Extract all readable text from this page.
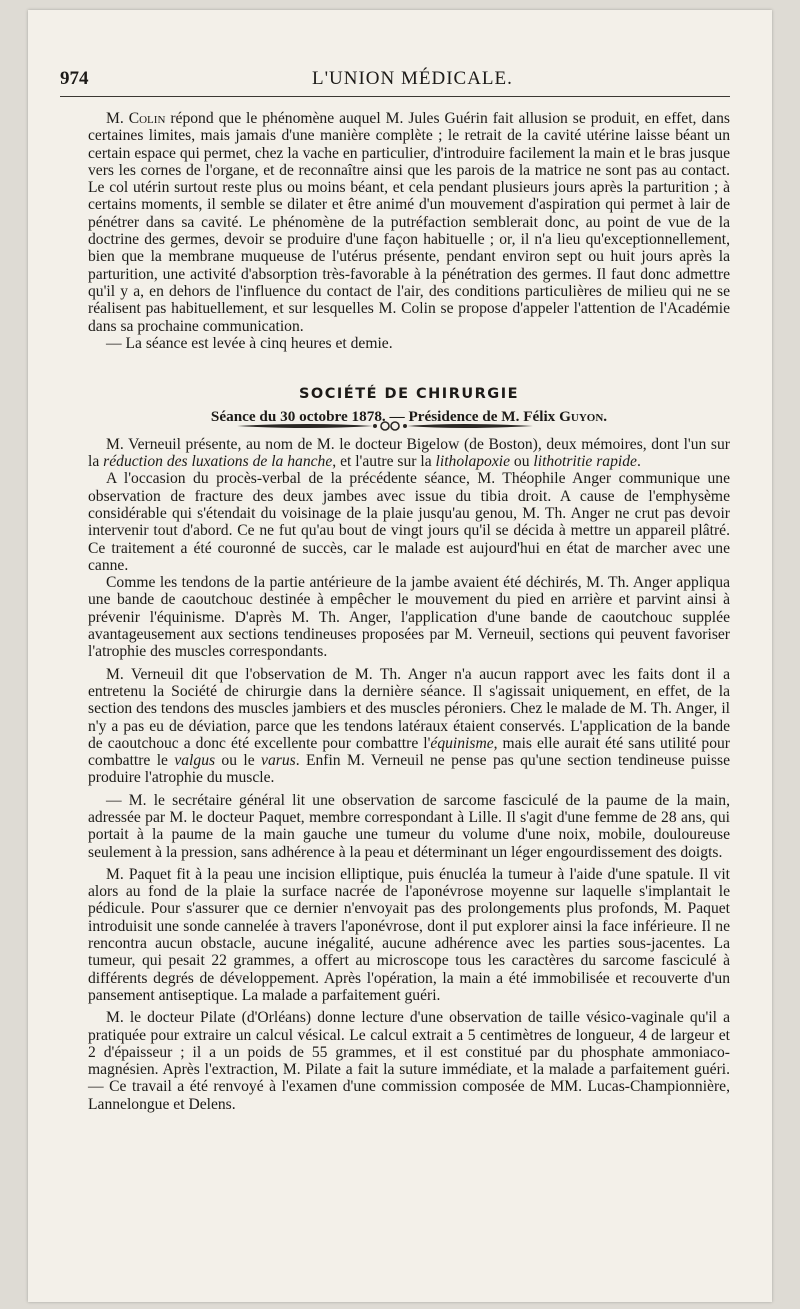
974	L'UNION MÉDICALE.

M. Colin répond que le phénomène auquel M. Jules Guérin fait allusion se produit, en effet, dans certaines limites, mais jamais d'une manière complète ; le retrait de la cavité utérine laisse béant un certain espace qui permet, chez la vache en particulier, d'introduire facilement la main et le bras jusque vers les cornes de l'organe, et de reconnaître ainsi que les parois de la matrice ne sont pas au contact. Le col utérin surtout reste plus ou moins béant, et cela pendant plusieurs jours après la parturition ; à certains moments, il semble se dilater et être animé d'un mouvement d'aspiration qui permet à lair de pénétrer dans sa cavité. Le phénomène de la putréfaction semblerait donc, au point de vue de la doctrine des germes, devoir se produire d'une façon habituelle ; or, il n'a lieu qu'exceptionnellement, bien que la membrane muqueuse de l'utérus présente, pendant environ sept ou huit jours après la parturition, une activité d'absorption très-favorable à la pénétration des germes. Il faut donc admettre qu'il y a, en dehors de l'influence du contact de l'air, des conditions particulières de milieu qui ne se réalisent pas habituellement, et sur lesquelles M. Colin se propose d'appeler l'attention de l'Académie dans sa prochaine communication.

— La séance est levée à cinq heures et demie.

SOCIÉTÉ DE CHIRURGIE
Séance du 30 octobre 1878. — Présidence de M. Félix Guyon.

M. Verneuil présente, au nom de M. le docteur Bigelow (de Boston), deux mémoires, dont l'un sur la réduction des luxations de la hanche, et l'autre sur la litholapoxie ou lithotritie rapide.

A l'occasion du procès-verbal de la précédente séance, M. Théophile Anger communique une observation de fracture des deux jambes avec issue du tibia droit. A cause de l'emphysème considérable qui s'étendait du voisinage de la plaie jusqu'au genou, M. Th. Anger ne crut pas devoir intervenir tout d'abord. Ce ne fut qu'au bout de vingt jours qu'il se décida à mettre un appareil plâtré. Ce traitement a été couronné de succès, car le malade est aujourd'hui en état de marcher avec une canne.

Comme les tendons de la partie antérieure de la jambe avaient été déchirés, M. Th. Anger appliqua une bande de caoutchouc destinée à empêcher le mouvement du pied en arrière et parvint ainsi à prévenir l'équinisme. D'après M. Th. Anger, l'application d'une bande de caoutchouc supplée avantageusement aux sections tendineuses proposées par M. Verneuil, sections qui peuvent favoriser l'atrophie des muscles correspondants.

M. Verneuil dit que l'observation de M. Th. Anger n'a aucun rapport avec les faits dont il a entretenu la Société de chirurgie dans la dernière séance. Il s'agissait uniquement, en effet, de la section des tendons des muscles jambiers et des muscles péroniers. Chez le malade de M. Th. Anger, il n'y a pas eu de déviation, parce que les tendons latéraux étaient conservés. L'application de la bande de caoutchouc a donc été excellente pour combattre l'équinisme, mais elle aurait été sans utilité pour combattre le valgus ou le varus. Enfin M. Verneuil ne pense pas qu'une section tendineuse puisse produire l'atrophie du muscle.

— M. le secrétaire général lit une observation de sarcome fasciculé de la paume de la main, adressée par M. le docteur Paquet, membre correspondant à Lille. Il s'agit d'une femme de 28 ans, qui portait à la paume de la main gauche une tumeur du volume d'une noix, mobile, douloureuse seulement à la pression, sans adhérence à la peau et déterminant un léger engourdissement des doigts.

M. Paquet fit à la peau une incision elliptique, puis énucléa la tumeur à l'aide d'une spatule. Il vit alors au fond de la plaie la surface nacrée de l'aponévrose moyenne sur laquelle s'implantait le pédicule. Pour s'assurer que ce dernier n'envoyait pas des prolongements plus profonds, M. Paquet introduisit une sonde cannelée à travers l'aponévrose, dont il put explorer ainsi la face inférieure. Il ne rencontra aucun obstacle, aucune inégalité, aucune adhérence avec les parties sous-jacentes. La tumeur, qui pesait 22 grammes, a offert au microscope tous les caractères du sarcome fasciculé à différents degrés de développement. Après l'opération, la main a été immobilisée et recouverte d'un pansement antiseptique. La malade a parfaitement guéri.

M. le docteur Pilate (d'Orléans) donne lecture d'une observation de taille vésico-vaginale qu'il a pratiquée pour extraire un calcul vésical. Le calcul extrait a 5 centimètres de longueur, 4 de largeur et 2 d'épaisseur ; il a un poids de 55 grammes, et il est constitué par du phosphate ammoniaco-magnésien. Après l'extraction, M. Pilate a fait la suture immédiate, et la malade a parfaitement guéri. — Ce travail a été renvoyé à l'examen d'une commission composée de MM. Lucas-Championnière, Lannelongue et Delens.
